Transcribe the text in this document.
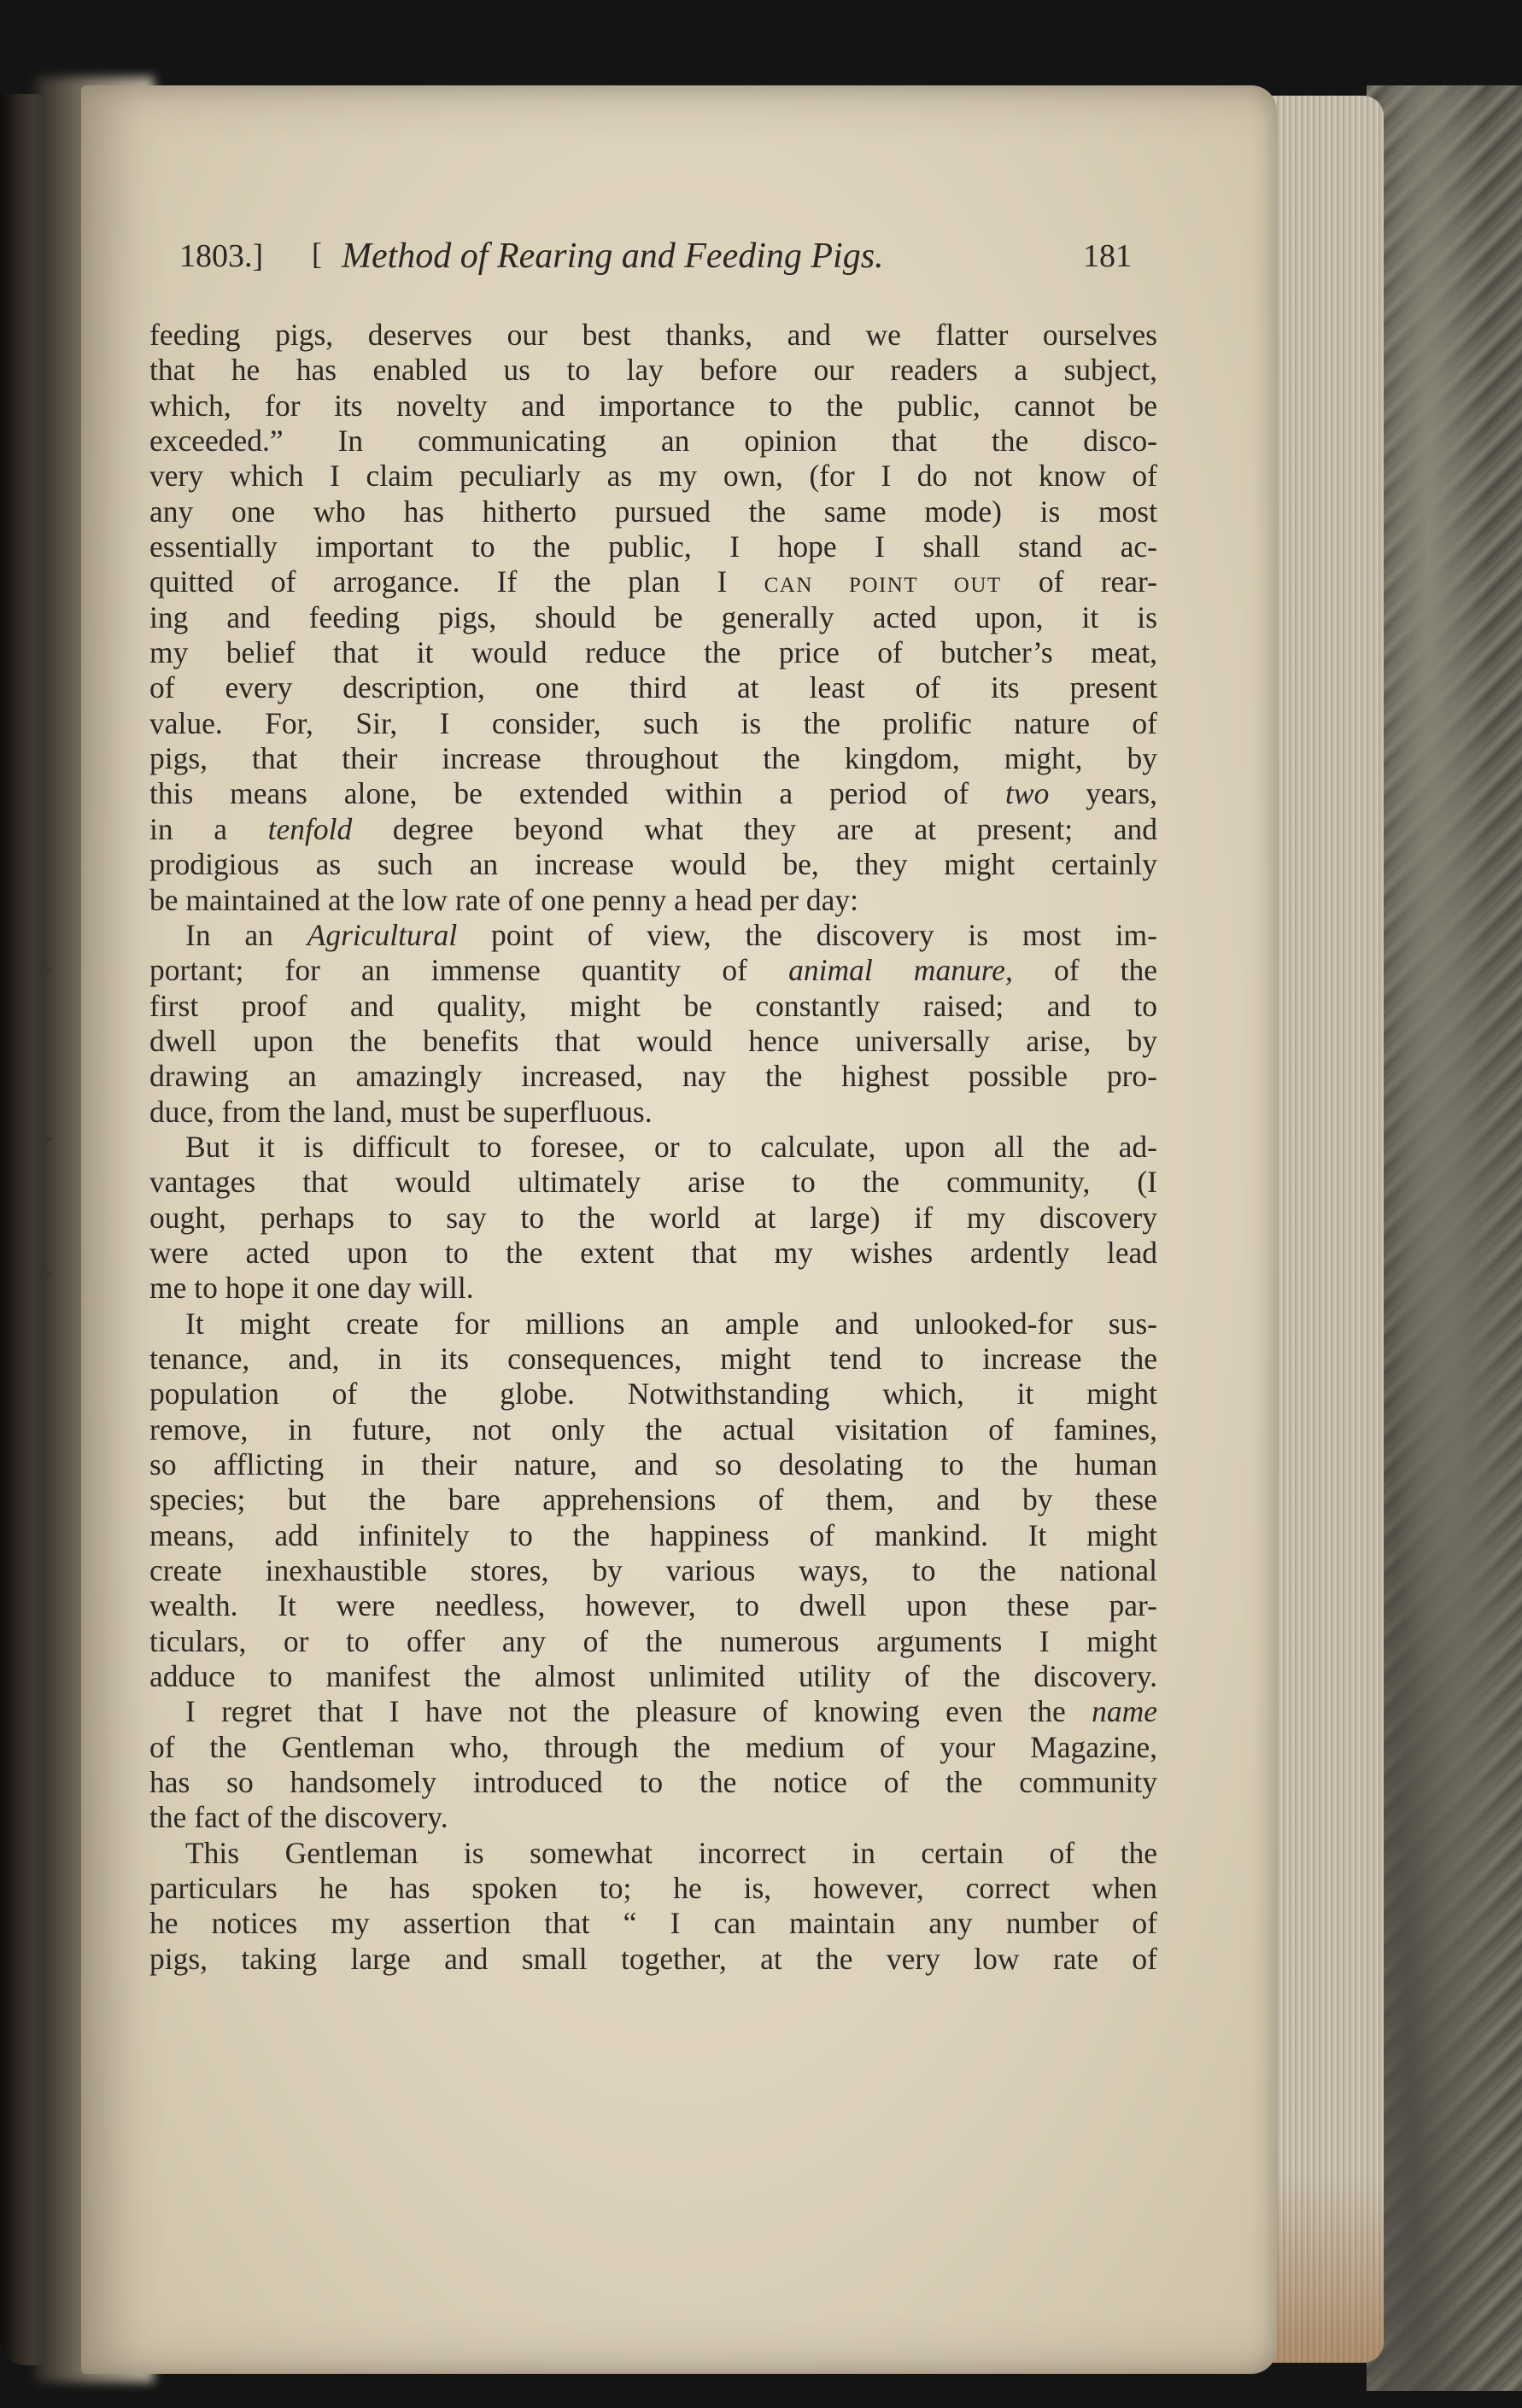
1803.] [ Method of Rearing and Feeding Pigs.	181
feeding pigs, deserves our best thanks, and we flatter ourselves
that he has enabled us to lay before our readers a subject,
which, for its novelty and importance to the public, cannot be
exceeded.” In communicating an opinion that the disco-
very which I claim peculiarly as my own, (for I do not know of
any one who has hitherto pursued the same mode) is most
essentially important to the public, I hope I shall stand ac-
quitted of arrogance. If the plan I CAN POINT OUT of rear-
ing and feeding pigs, should be generally acted upon, it is
my belief that it would reduce the price of butcher’s meat,
of every description, one third at least of its present
value. For, Sir, I consider, such is the prolific nature of
pigs, that their increase throughout the kingdom, might, by
this means alone, be extended within a period of two years,
in a tenfold degree beyond what they are at present; and
prodigious as such an increase would be, they might certainly
be maintained at the low rate of one penny a head per day:
In an Agricultural point of view, the discovery is most im-
portant; for an immense quantity of animal manure, of the
first proof and quality, might be constantly raised; and to
dwell upon the benefits that would hence universally arise, by
drawing an amazingly increased, nay the highest possible pro-
duce, from the land, must be superfluous.
But it is difficult to foresee, or to calculate, upon all the ad-
vantages that would ultimately arise to the community, (I
ought, perhaps to say to the world at large) if my discovery
were acted upon to the extent that my wishes ardently lead
me to hope it one day will.
It might create for millions an ample and unlooked-for sus-
tenance, and, in its consequences, might tend to increase the
population of the globe. Notwithstanding which, it might
remove, in future, not only the actual visitation of famines,
so afflicting in their nature, and so desolating to the human
species; but the bare apprehensions of them, and by these
means, add infinitely to the happiness of mankind. It might
create inexhaustible stores, by various ways, to the national
wealth. It were needless, however, to dwell upon these par-
ticulars, or to offer any of the numerous arguments I might
adduce to manifest the almost unlimited utility of the discovery.
I regret that I have not the pleasure of knowing even the name
of the Gentleman who, through the medium of your Magazine,
has so handsomely introduced to the notice of the community
the fact of the discovery.
This Gentleman is somewhat incorrect in certain of the
particulars he has spoken to; he is, however, correct when
he notices my assertion that “ I can maintain any number of
pigs, taking large and small together, at the very low rate of
▸
▸
▸
